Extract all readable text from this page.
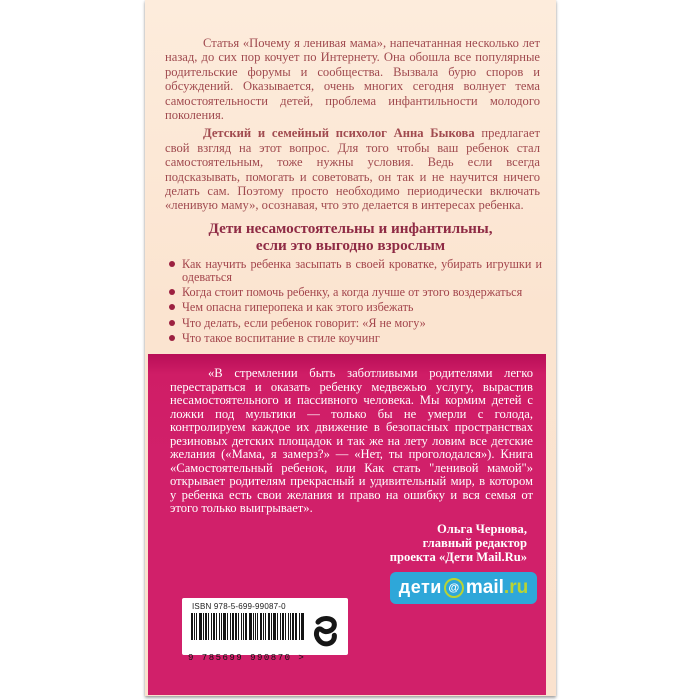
Статья «Почему я ленивая мама», напечатанная несколько лет назад, до сих пор кочует по Интернету. Она обошла все популярные родительские форумы и сообщества. Вызвала бурю споров и обсуждений. Оказывается, очень многих сегодня волнует тема самостоятельности детей, проблема инфантильности молодого поколения.

Детский и семейный психолог Анна Быкова предлагает свой взгляд на этот вопрос. Для того чтобы ваш ребенок стал самостоятельным, тоже нужны условия. Ведь если всегда подсказывать, помогать и советовать, он так и не научится ничего делать сам. Поэтому просто необходимо периодически включать «ленивую маму», осознавая, что это делается в интересах ребенка.

Дети несамостоятельны и инфантильны,
если это выгодно взрослым
Как научить ребенка засыпать в своей кроватке, убирать игрушки и одеваться
Когда стоит помочь ребенку, а когда лучше от этого воздержаться
Чем опасна гиперопека и как этого избежать
Что делать, если ребенок говорит: «Я не могу»
Что такое воспитание в стиле коучинг

«В стремлении быть заботливыми родителями легко перестараться и оказать ребенку медвежью услугу, вырастив несамостоятельного и пассивного человека. Мы кормим детей с ложки под мультики — только бы не умерли с голода, контролируем каждое их движение в безопасных пространствах резиновых детских площадок и так же на лету ловим все детские желания («Мама, я замерз?» — «Нет, ты проголодался»). Книга «Самостоятельный ребенок, или Как стать "ленивой мамой"» открывает родителям прекрасный и удивительный мир, в котором у ребенка есть свои желания и право на ошибку и вся семья от этого только выигрывает».

Ольга Чернова,
главный редактор
проекта «Дети Mail.Ru»
дети @ mail .ru
ISBN 978-5-699-99087-0
9 785699 990870 >
